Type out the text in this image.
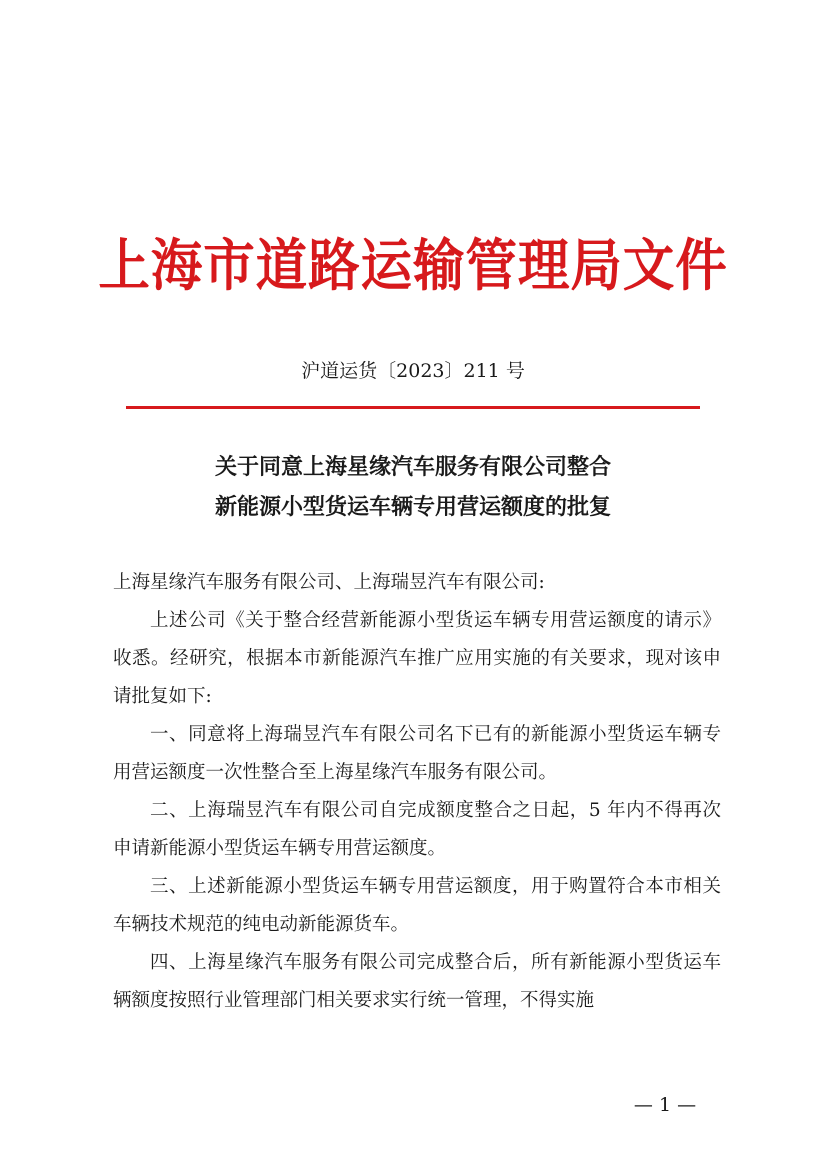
上海市道路运输管理局文件
沪道运货〔2023〕211 号
关于同意上海星缘汽车服务有限公司整合
新能源小型货运车辆专用营运额度的批复

上海星缘汽车服务有限公司、上海瑞昱汽车有限公司:

上述公司《关于整合经营新能源小型货运车辆专用营运额度的请示》收悉。经研究，根据本市新能源汽车推广应用实施的有关要求，现对该申请批复如下:

一、同意将上海瑞昱汽车有限公司名下已有的新能源小型货运车辆专用营运额度一次性整合至上海星缘汽车服务有限公司。

二、上海瑞昱汽车有限公司自完成额度整合之日起，5 年内不得再次申请新能源小型货运车辆专用营运额度。

三、上述新能源小型货运车辆专用营运额度，用于购置符合本市相关车辆技术规范的纯电动新能源货车。

四、上海星缘汽车服务有限公司完成整合后，所有新能源小型货运车辆额度按照行业管理部门相关要求实行统一管理，不得实施

— 1 —
